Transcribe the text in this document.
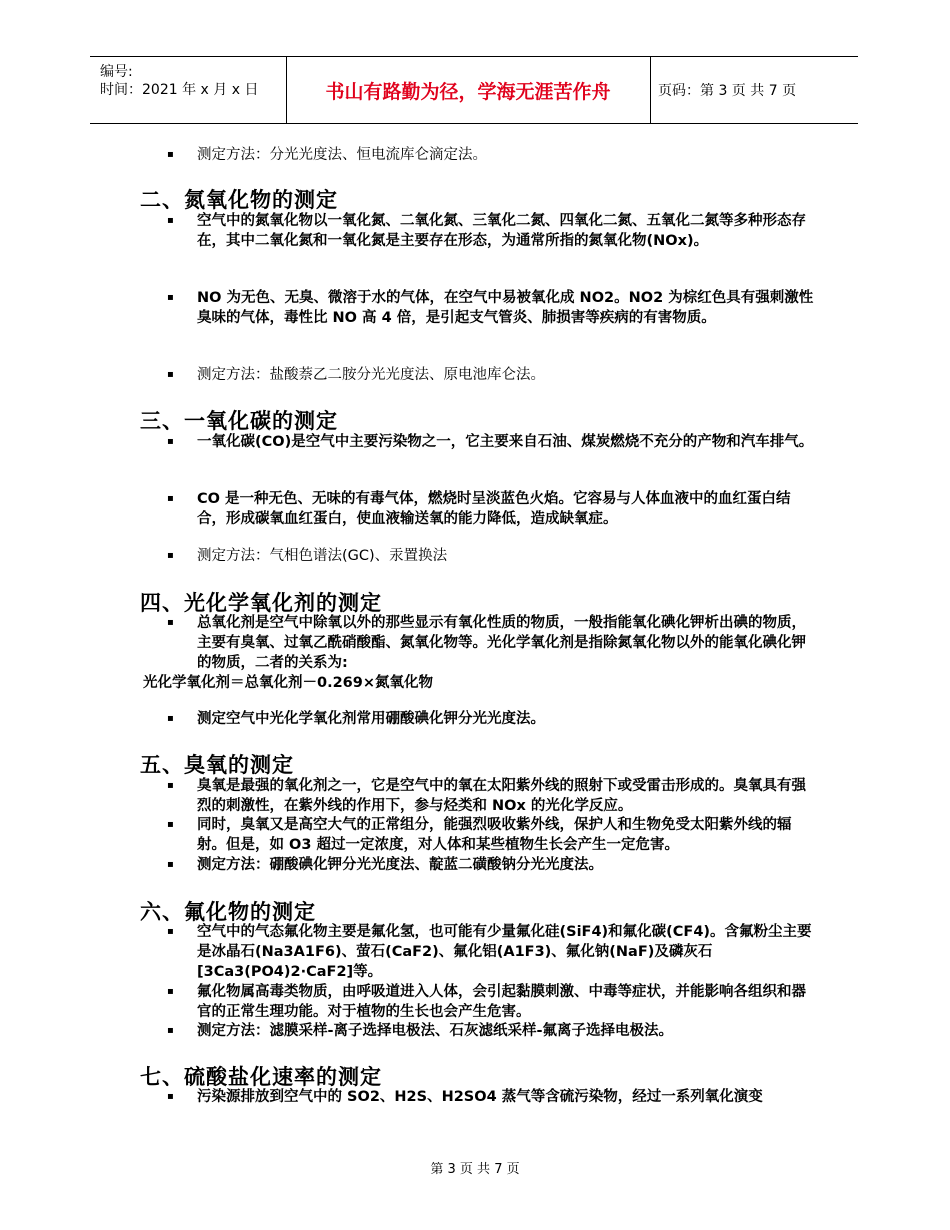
编号:
时间：2021 年 x 月 x 日	书山有路勤为径，学海无涯苦作舟	页码：第 3 页 共 7 页
▪	测定方法：分光光度法、恒电流库仑滴定法。
二、氮氧化物的测定
▪	空气中的氮氧化物以一氧化氮、二氧化氮、三氧化二氮、四氧化二氮、五氧化二氮等多种形态存在，其中二氧化氮和一氧化氮是主要存在形态，为通常所指的氮氧化物(NOx)。
▪	NO 为无色、无臭、微溶于水的气体，在空气中易被氧化成 NO2。NO2 为棕红色具有强刺激性臭味的气体，毒性比 NO 高 4 倍，是引起支气管炎、肺损害等疾病的有害物质。
▪	测定方法：盐酸萘乙二胺分光光度法、原电池库仑法。
三、一氧化碳的测定
▪	一氧化碳(CO)是空气中主要污染物之一，它主要来自石油、煤炭燃烧不充分的产物和汽车排气。
▪	CO 是一种无色、无味的有毒气体，燃烧时呈淡蓝色火焰。它容易与人体血液中的血红蛋白结合，形成碳氧血红蛋白，使血液输送氧的能力降低，造成缺氧症。
▪	测定方法：气相色谱法(GC)、汞置换法
四、光化学氧化剂的测定
▪	总氧化剂是空气中除氧以外的那些显示有氧化性质的物质，一般指能氧化碘化钾析出碘的物质，主要有臭氧、过氧乙酰硝酸酯、氮氧化物等。光化学氧化剂是指除氮氧化物以外的能氧化碘化钾的物质，二者的关系为:
光化学氧化剂＝总氧化剂－0.269×氮氧化物
▪	测定空气中光化学氧化剂常用硼酸碘化钾分光光度法。
五、臭氧的测定
▪	臭氧是最强的氧化剂之一，它是空气中的氧在太阳紫外线的照射下或受雷击形成的。臭氧具有强烈的刺激性，在紫外线的作用下，参与烃类和 NOx 的光化学反应。
▪	同时，臭氧又是高空大气的正常组分，能强烈吸收紫外线，保护人和生物免受太阳紫外线的辐射。但是，如 O3 超过一定浓度，对人体和某些植物生长会产生一定危害。
▪	测定方法：硼酸碘化钾分光光度法、靛蓝二磺酸钠分光光度法。
六、氟化物的测定
▪	空气中的气态氟化物主要是氟化氢，也可能有少量氟化硅(SiF4)和氟化碳(CF4)。含氟粉尘主要是冰晶石(Na3A1F6)、萤石(CaF2)、氟化铝(A1F3)、氟化钠(NaF)及磷灰石[3Ca3(PO4)2·CaF2]等。
▪	氟化物属高毒类物质，由呼吸道进入人体，会引起黏膜刺激、中毒等症状，并能影响各组织和器官的正常生理功能。对于植物的生长也会产生危害。
▪	测定方法：滤膜采样-离子选择电极法、石灰滤纸采样-氟离子选择电极法。
七、硫酸盐化速率的测定
▪	污染源排放到空气中的 SO2、H2S、H2SO4 蒸气等含硫污染物，经过一系列氧化演变
第 3 页 共 7 页
